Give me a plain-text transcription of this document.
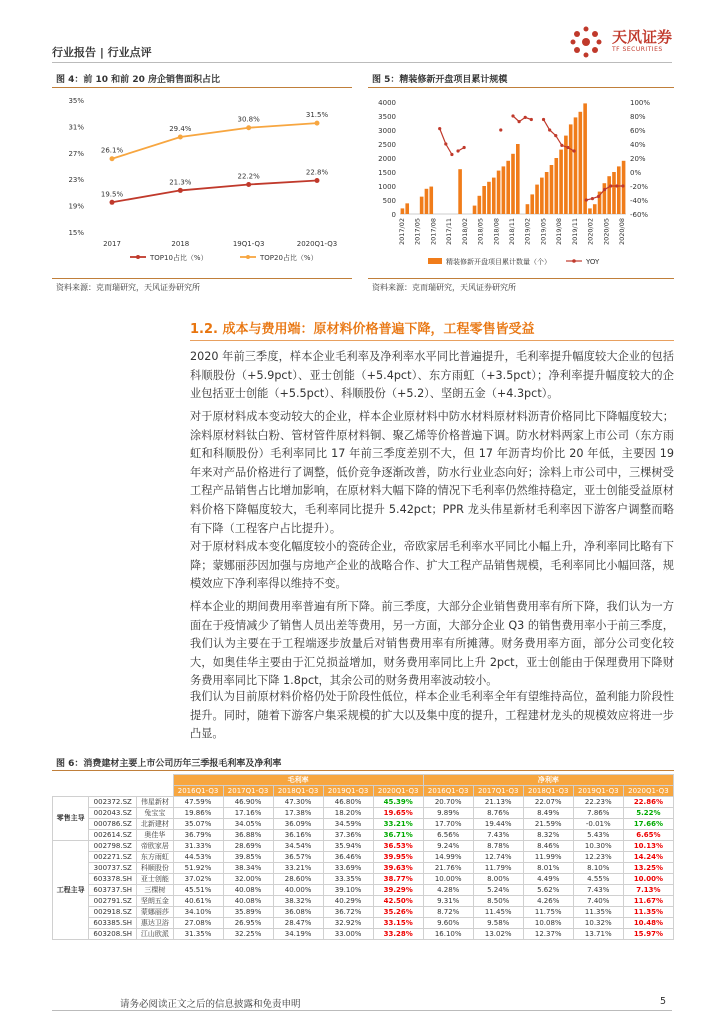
行业报告 | 行业点评
天风证券
TF SECURITIES
图 4：前 10 和前 20 房企销售面积占比
35%
31%
27%
23%
19%
15%
2017	2018	19Q1-Q3	2020Q1-Q3
19.5%
21.3%
22.2%	22.8%
TOP10占比（%）
26.1%
29.4%
30.8%
31.5%
TOP20占比（%）
资料来源：克而瑞研究，天风证券研究所
图 5：精装修新开盘项目累计规模
4000
3500
3000
2500
2000
1500
1000
500
0
100%
80%
60%
40%
20%
0%
-20%
-40%
-60%
2017/02 2017/05 2017/08 2017/11 2018/02 2018/05 2018/08 2018/11 2019/02 2019/05 2019/08 2019/11 2020/02 2020/05 2020/08
精装修新开盘项目累计数量（个）	YOY
资料来源：克而瑞研究，天风证券研究所
1.2. 成本与费用端：原材料价格普遍下降，工程零售皆受益
2020 年前三季度，样本企业毛利率及净利率水平同比普遍提升，毛利率提升幅度较大企业的包括科顺股份（+5.9pct）、亚士创能（+5.4pct）、东方雨虹（+3.5pct）；净利率提升幅度较大的企业包括亚士创能（+5.5pct）、科顺股份（+5.2）、坚朗五金（+4.3pct）。
对于原材料成本变动较大的企业，样本企业原材料中防水材料原材料沥青价格同比下降幅度较大；涂料原材料钛白粉、管材管件原材料铜、聚乙烯等价格普遍下调。防水材料两家上市公司（东方雨虹和科顺股份）毛利率同比 17 年前三季度差别不大，但 17 年沥青均价比 20 年低，主要因 19 年来对产品价格进行了调整，低价竞争逐渐改善，防水行业业态向好；涂料上市公司中，三棵树受工程产品销售占比增加影响，在原材料大幅下降的情况下毛利率仍然维持稳定，亚士创能受益原材料价格下降幅度较大，毛利率同比提升 5.42pct；PPR 龙头伟星新材毛利率因下游客户调整而略有下降（工程客户占比提升）。
对于原材料成本变化幅度较小的瓷砖企业，帝欧家居毛利率水平同比小幅上升，净利率同比略有下降；蒙娜丽莎因加强与房地产企业的战略合作、扩大工程产品销售规模，毛利率同比小幅回落，规模效应下净利率得以维持不变。
样本企业的期间费用率普遍有所下降。前三季度，大部分企业销售费用率有所下降，我们认为一方面在于疫情减少了销售人员出差等费用，另一方面，大部分企业 Q3 的销售费用率小于前三季度，我们认为主要在于工程端逐步放量后对销售费用率有所摊薄。财务费用率方面，部分公司变化较大，如奥佳华主要由于汇兑损益增加，财务费用率同比上升 2pct，亚士创能由于保理费用下降财务费用率同比下降 1.8pct，其余公司的财务费用率波动较小。
我们认为目前原材料价格仍处于阶段性低位，样本企业毛利率全年有望维持高位，盈利能力阶段性提升。同时，随着下游客户集采规模的扩大以及集中度的提升，工程建材龙头的规模效应将进一步凸显。
图 6：消费建材主要上市公司历年三季报毛利率及净利率
			毛利率					净利率				
			2016Q1-Q3	2017Q1-Q3	2018Q1-Q3	2019Q1-Q3	2020Q1-Q3	2016Q1-Q3	2017Q1-Q3	2018Q1-Q3	2019Q1-Q3	2020Q1-Q3
零售主导	002372.SZ	伟星新材	47.59%	46.90%	47.30%	46.80%	45.39%	20.70%	21.13%	22.07%	22.23%	22.86%
	002043.SZ	兔宝宝	19.86%	17.16%	17.38%	18.20%	19.65%	9.89%	8.76%	8.49%	7.86%	5.22%
	000786.SZ	北新建材	35.07%	34.05%	36.09%	34.59%	33.21%	17.70%	19.44%	21.59%	-0.01%	17.66%
	002614.SZ	奥佳华	36.79%	36.88%	36.16%	37.36%	36.71%	6.56%	7.43%	8.32%	5.43%	6.65%
工程主导	002798.SZ	帝欧家居	31.33%	28.69%	34.54%	35.94%	36.53%	9.24%	8.78%	8.46%	10.30%	10.13%
	002271.SZ	东方雨虹	44.53%	39.85%	36.57%	36.46%	39.95%	14.99%	12.74%	11.99%	12.23%	14.24%
	300737.SZ	科顺股份	51.92%	38.34%	33.21%	33.69%	39.63%	21.76%	11.79%	8.01%	8.10%	13.25%
	603378.SH	亚士创能	37.02%	32.00%	28.60%	33.35%	38.77%	10.00%	8.00%	4.49%	4.55%	10.00%
	603737.SH	三棵树	45.51%	40.08%	40.00%	39.10%	39.29%	4.28%	5.24%	5.62%	7.43%	7.13%
	002791.SZ	坚朗五金	40.61%	40.08%	38.32%	40.29%	42.50%	9.31%	8.50%	4.26%	7.40%	11.67%
	002918.SZ	蒙娜丽莎	34.10%	35.89%	36.08%	36.72%	35.26%	8.72%	11.45%	11.75%	11.35%	11.35%
	603385.SH	惠达卫浴	27.08%	26.95%	28.47%	32.92%	33.15%	9.60%	9.58%	10.08%	10.32%	10.48%
	603208.SH	江山欧派	31.35%	32.25%	34.19%	33.00%	33.28%	16.10%	13.02%	12.37%	13.71%	15.97%
请务必阅读正文之后的信息披露和免责申明	5
